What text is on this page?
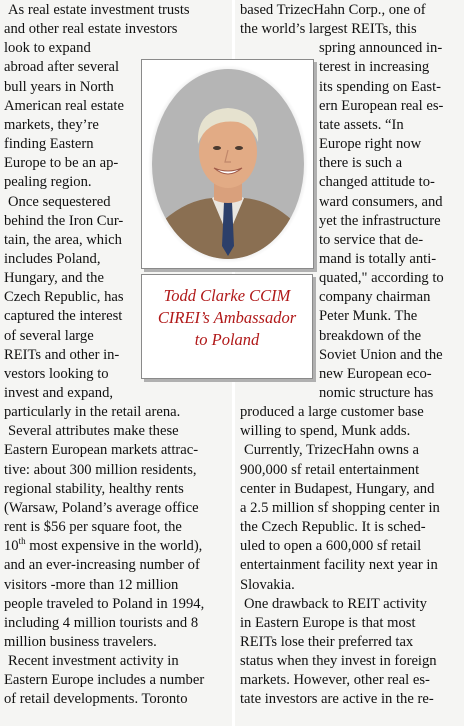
As real estate investment trusts
and other real estate investors
look to expand
abroad after several
bull years in North
American real estate
markets, they’re
finding Eastern
Europe to be an ap-
pealing region.
Once sequestered
behind the Iron Cur-
tain, the area, which
includes Poland,
Hungary, and the
Czech Republic, has
captured the interest
of several large
REITs and other in-
vestors looking to
invest and expand,
particularly in the retail arena.
Several attributes make these
Eastern European markets attrac-
tive: about 300 million residents,
regional stability, healthy rents
(Warsaw, Poland’s average office
rent is $56 per square foot, the
10th most expensive in the world),
and an ever-increasing number of
visitors -more than 12 million
people traveled to Poland in 1994,
including 4 million tourists and 8
million business travelers.
Recent investment activity in
Eastern Europe includes a number
of retail developments. Toronto
based TrizecHahn Corp., one of
the world’s largest REITs, this
spring announced in-
terest in increasing
its spending on East-
ern European real es-
tate assets. “In
Europe right now
there is such a
changed attitude to-
ward consumers, and
yet the infrastructure
to service that de-
mand is totally anti-
quated," according to
company chairman
Peter Munk. The
breakdown of the
Soviet Union and the
new European eco-
nomic structure has
produced a large customer base
willing to spend, Munk adds.
Currently, TrizecHahn owns a
900,000 sf retail entertainment
center in Budapest, Hungary, and
a 2.5 million sf shopping center in
the Czech Republic. It is sched-
uled to open a 600,000 sf retail
entertainment facility next year in
Slovakia.
One drawback to REIT activity
in Eastern Europe is that most
REITs lose their preferred tax
status when they invest in foreign
markets. However, other real es-
tate investors are active in the re-
Todd Clarke CCIM
CIREI’s Ambassador
to Poland
